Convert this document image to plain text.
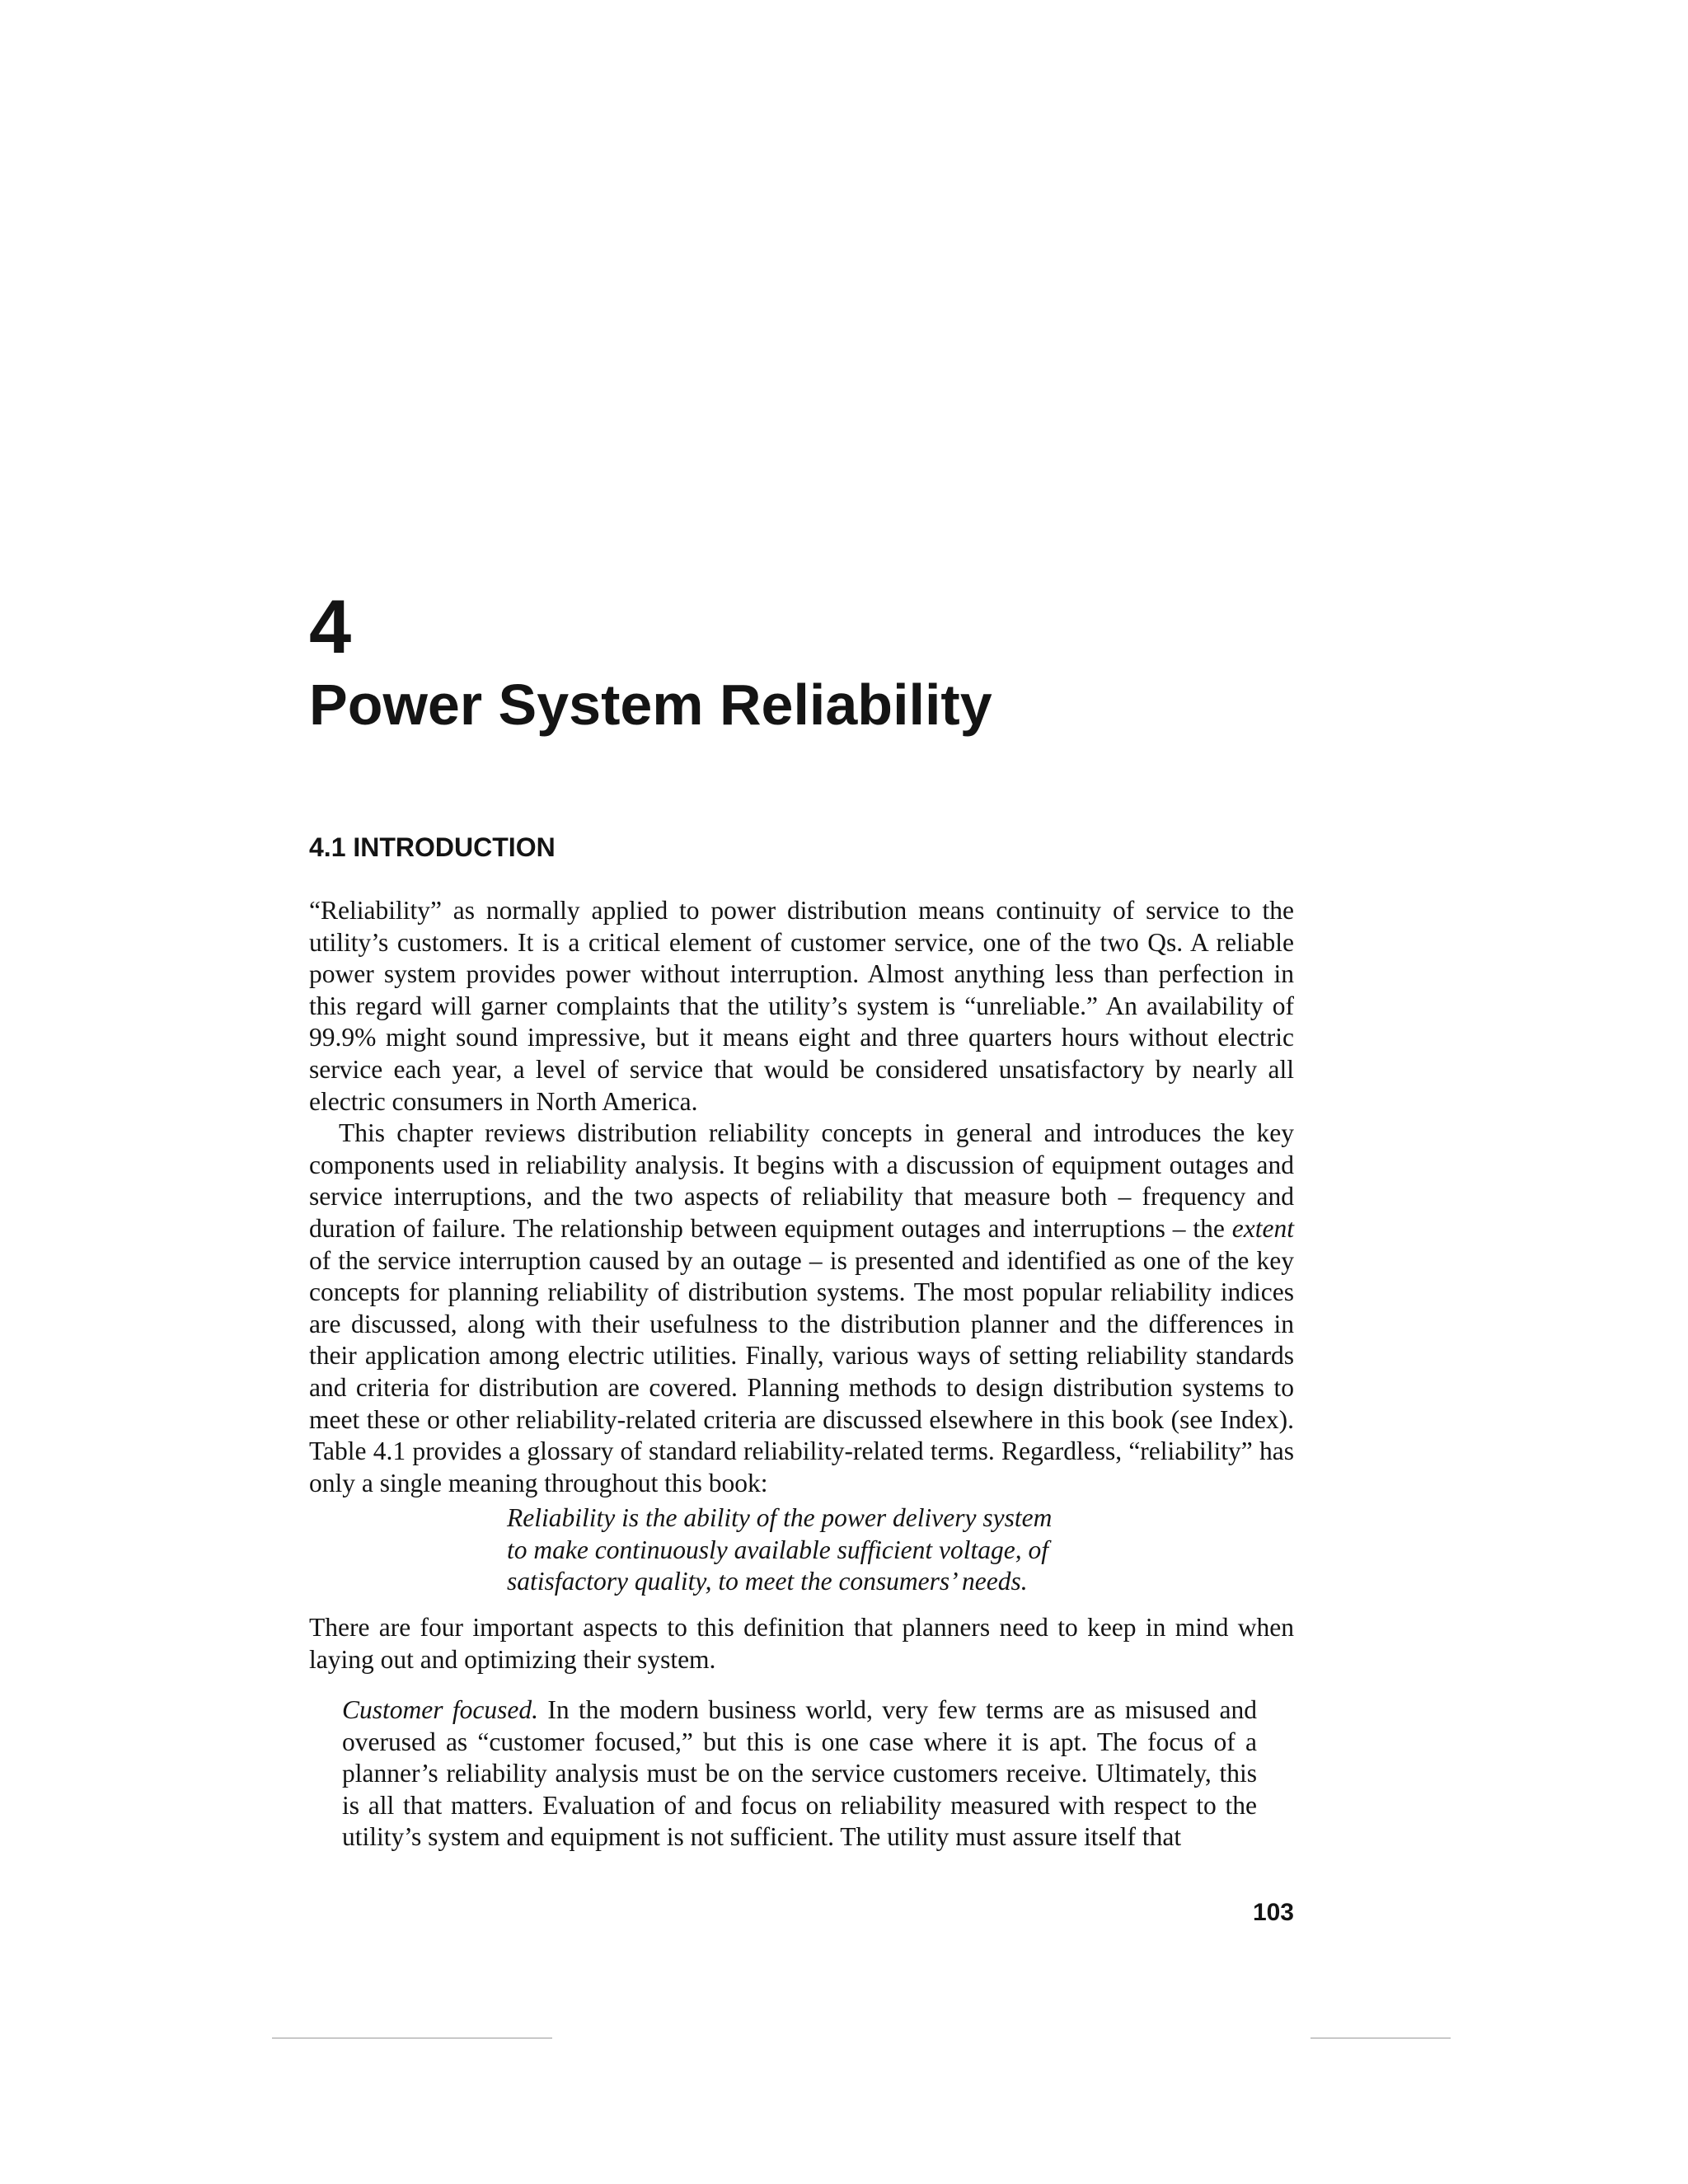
4
Power System Reliability
4.1 INTRODUCTION

“Reliability” as normally applied to power distribution means continuity of service to the utility’s customers. It is a critical element of customer service, one of the two Qs. A reliable power system provides power without interruption. Almost anything less than perfection in this regard will garner complaints that the utility’s system is “unreliable.” An availability of 99.9% might sound impressive, but it means eight and three quarters hours without electric service each year, a level of service that would be considered unsatisfactory by nearly all electric consumers in North America.

This chapter reviews distribution reliability concepts in general and introduces the key components used in reliability analysis. It begins with a discussion of equipment outages and service interruptions, and the two aspects of reliability that measure both – frequency and duration of failure. The relationship between equipment outages and interruptions – the extent of the service interruption caused by an outage – is presented and identified as one of the key concepts for planning reliability of distribution systems. The most popular reliability indices are discussed, along with their usefulness to the distribution planner and the differences in their application among electric utilities. Finally, various ways of setting reliability standards and criteria for distribution are covered. Planning methods to design distribution systems to meet these or other reliability-related criteria are discussed elsewhere in this book (see Index). Table 4.1 provides a glossary of standard reliability-related terms. Regardless, “reliability” has only a single meaning throughout this book:

Reliability is the ability of the power delivery system
to make continuously available sufficient voltage, of
satisfactory quality, to meet the consumers’ needs.

There are four important aspects to this definition that planners need to keep in mind when laying out and optimizing their system.

Customer focused. In the modern business world, very few terms are as misused and overused as “customer focused,” but this is one case where it is apt. The focus of a planner’s reliability analysis must be on the service customers receive. Ultimately, this is all that matters. Evaluation of and focus on reliability measured with respect to the utility’s system and equipment is not sufficient. The utility must assure itself that

103
